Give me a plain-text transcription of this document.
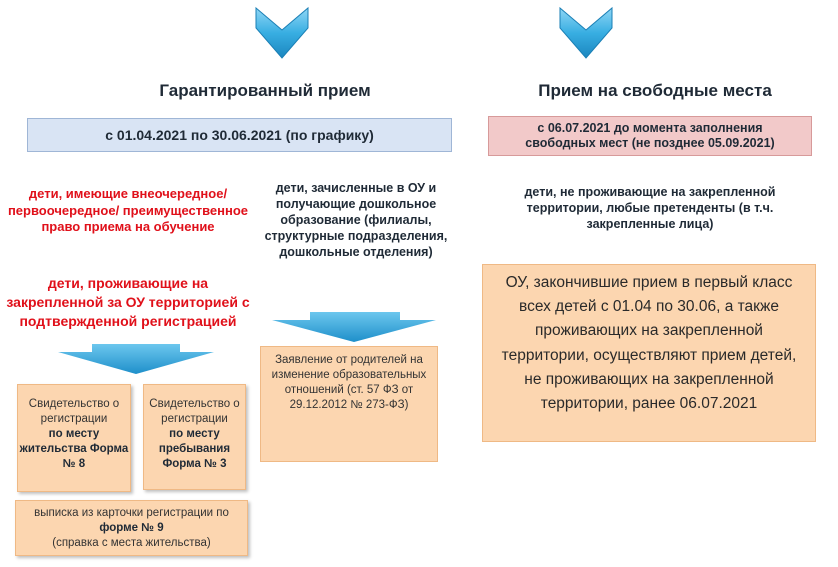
Гарантированный прием
с 01.04.2021 по 30.06.2021 (по графику)
дети, имеющие внеочередное/первоочередное/ преимущественное право приема на обучение
дети, проживающие на закрепленной за ОУ территорией с подтвержденной регистрацией
дети, зачисленные в ОУ и получающие дошкольное образование (филиалы, структурные подразделения, дошкольные отделения)
Свидетельство о регистрации
по месту жительства Форма № 8
Свидетельство о регистрации
по месту пребывания Форма № 3
выписка из карточки регистрации по форме № 9
(справка с места жительства)
Заявление от родителей на изменение образовательных отношений (ст. 57 ФЗ от 29.12.2012 № 273-ФЗ)
Прием на свободные места
с 06.07.2021 до момента заполнения свободных мест (не позднее 05.09.2021)
дети, не проживающие на закрепленной территории, любые претенденты (в т.ч. закрепленные лица)
ОУ, закончившие прием в первый класс всех детей с 01.04 по 30.06, а также проживающих на закрепленной территории, осуществляют прием детей, не проживающих на закрепленной территории, ранее 06.07.2021
